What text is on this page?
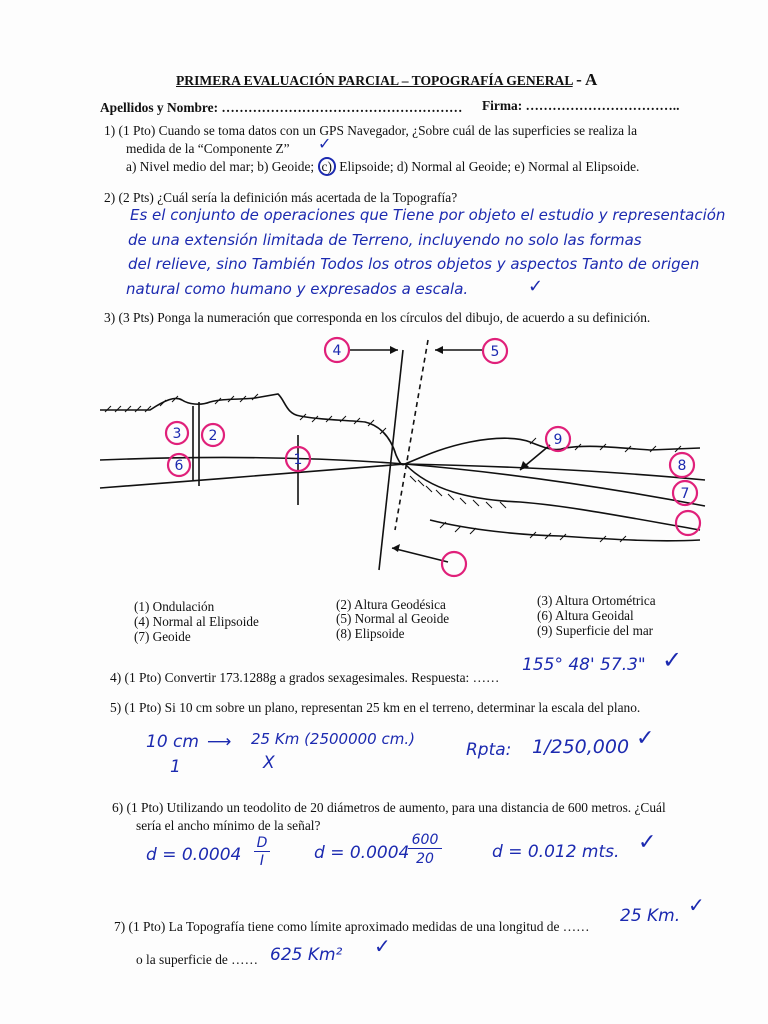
PRIMERA EVALUACIÓN PARCIAL – TOPOGRAFÍA GENERAL - A
Apellidos y Nombre: ……………………………………………… Firma: ……………………………..
1) (1 Pto) Cuando se toma datos con un GPS Navegador, ¿Sobre cuál de las superficies se realiza la
medida de la “Componente Z” ✓
a) Nivel medio del mar; b) Geoide; c) Elipsoide; d) Normal al Geoide; e) Normal al Elipsoide.
2) (2 Pts) ¿Cuál sería la definición más acertada de la Topografía?
Es el conjunto de operaciones que Tiene por objeto el estudio y representación
de una extensión limitada de Terreno, incluyendo no solo las formas
del relieve, sino También Todos los otros objetos y aspectos Tanto de origen
natural como humano y expresados a escala.	✓
3) (3 Pts) Ponga la numeración que corresponda en los círculos del dibujo, de acuerdo a su definición.
4	5
3 2
6	1
9
8
7
(1) Ondulación	(2) Altura Geodésica	(3) Altura Ortométrica
(4) Normal al Elipsoide	(5) Normal al Geoide	(6) Altura Geoidal
(7) Geoide	(8) Elipsoide	(9) Superficie del mar
4) (1 Pto) Convertir 173.1288g a grados sexagesimales. Respuesta: ……
155° 48' 57.3" ✓
5) (1 Pto) Si 10 cm sobre un plano, representan 25 km en el terreno, determinar la escala del plano.
10 cm ⟶ 25 Km (2500000 cm.)
1	X
Rpta: 1/250,000 ✓
6) (1 Pto) Utilizando un teodolito de 20 diámetros de aumento, para una distancia de 600 metros. ¿Cuál
sería el ancho mínimo de la señal?
d = 0.0004
D
I	d = 0.0004
600
20	d = 0.012 mts. ✓
7) (1 Pto) La Topografía tiene como límite aproximado medidas de una longitud de ……
25 Km. ✓
o la superficie de …… 625 Km² ✓
